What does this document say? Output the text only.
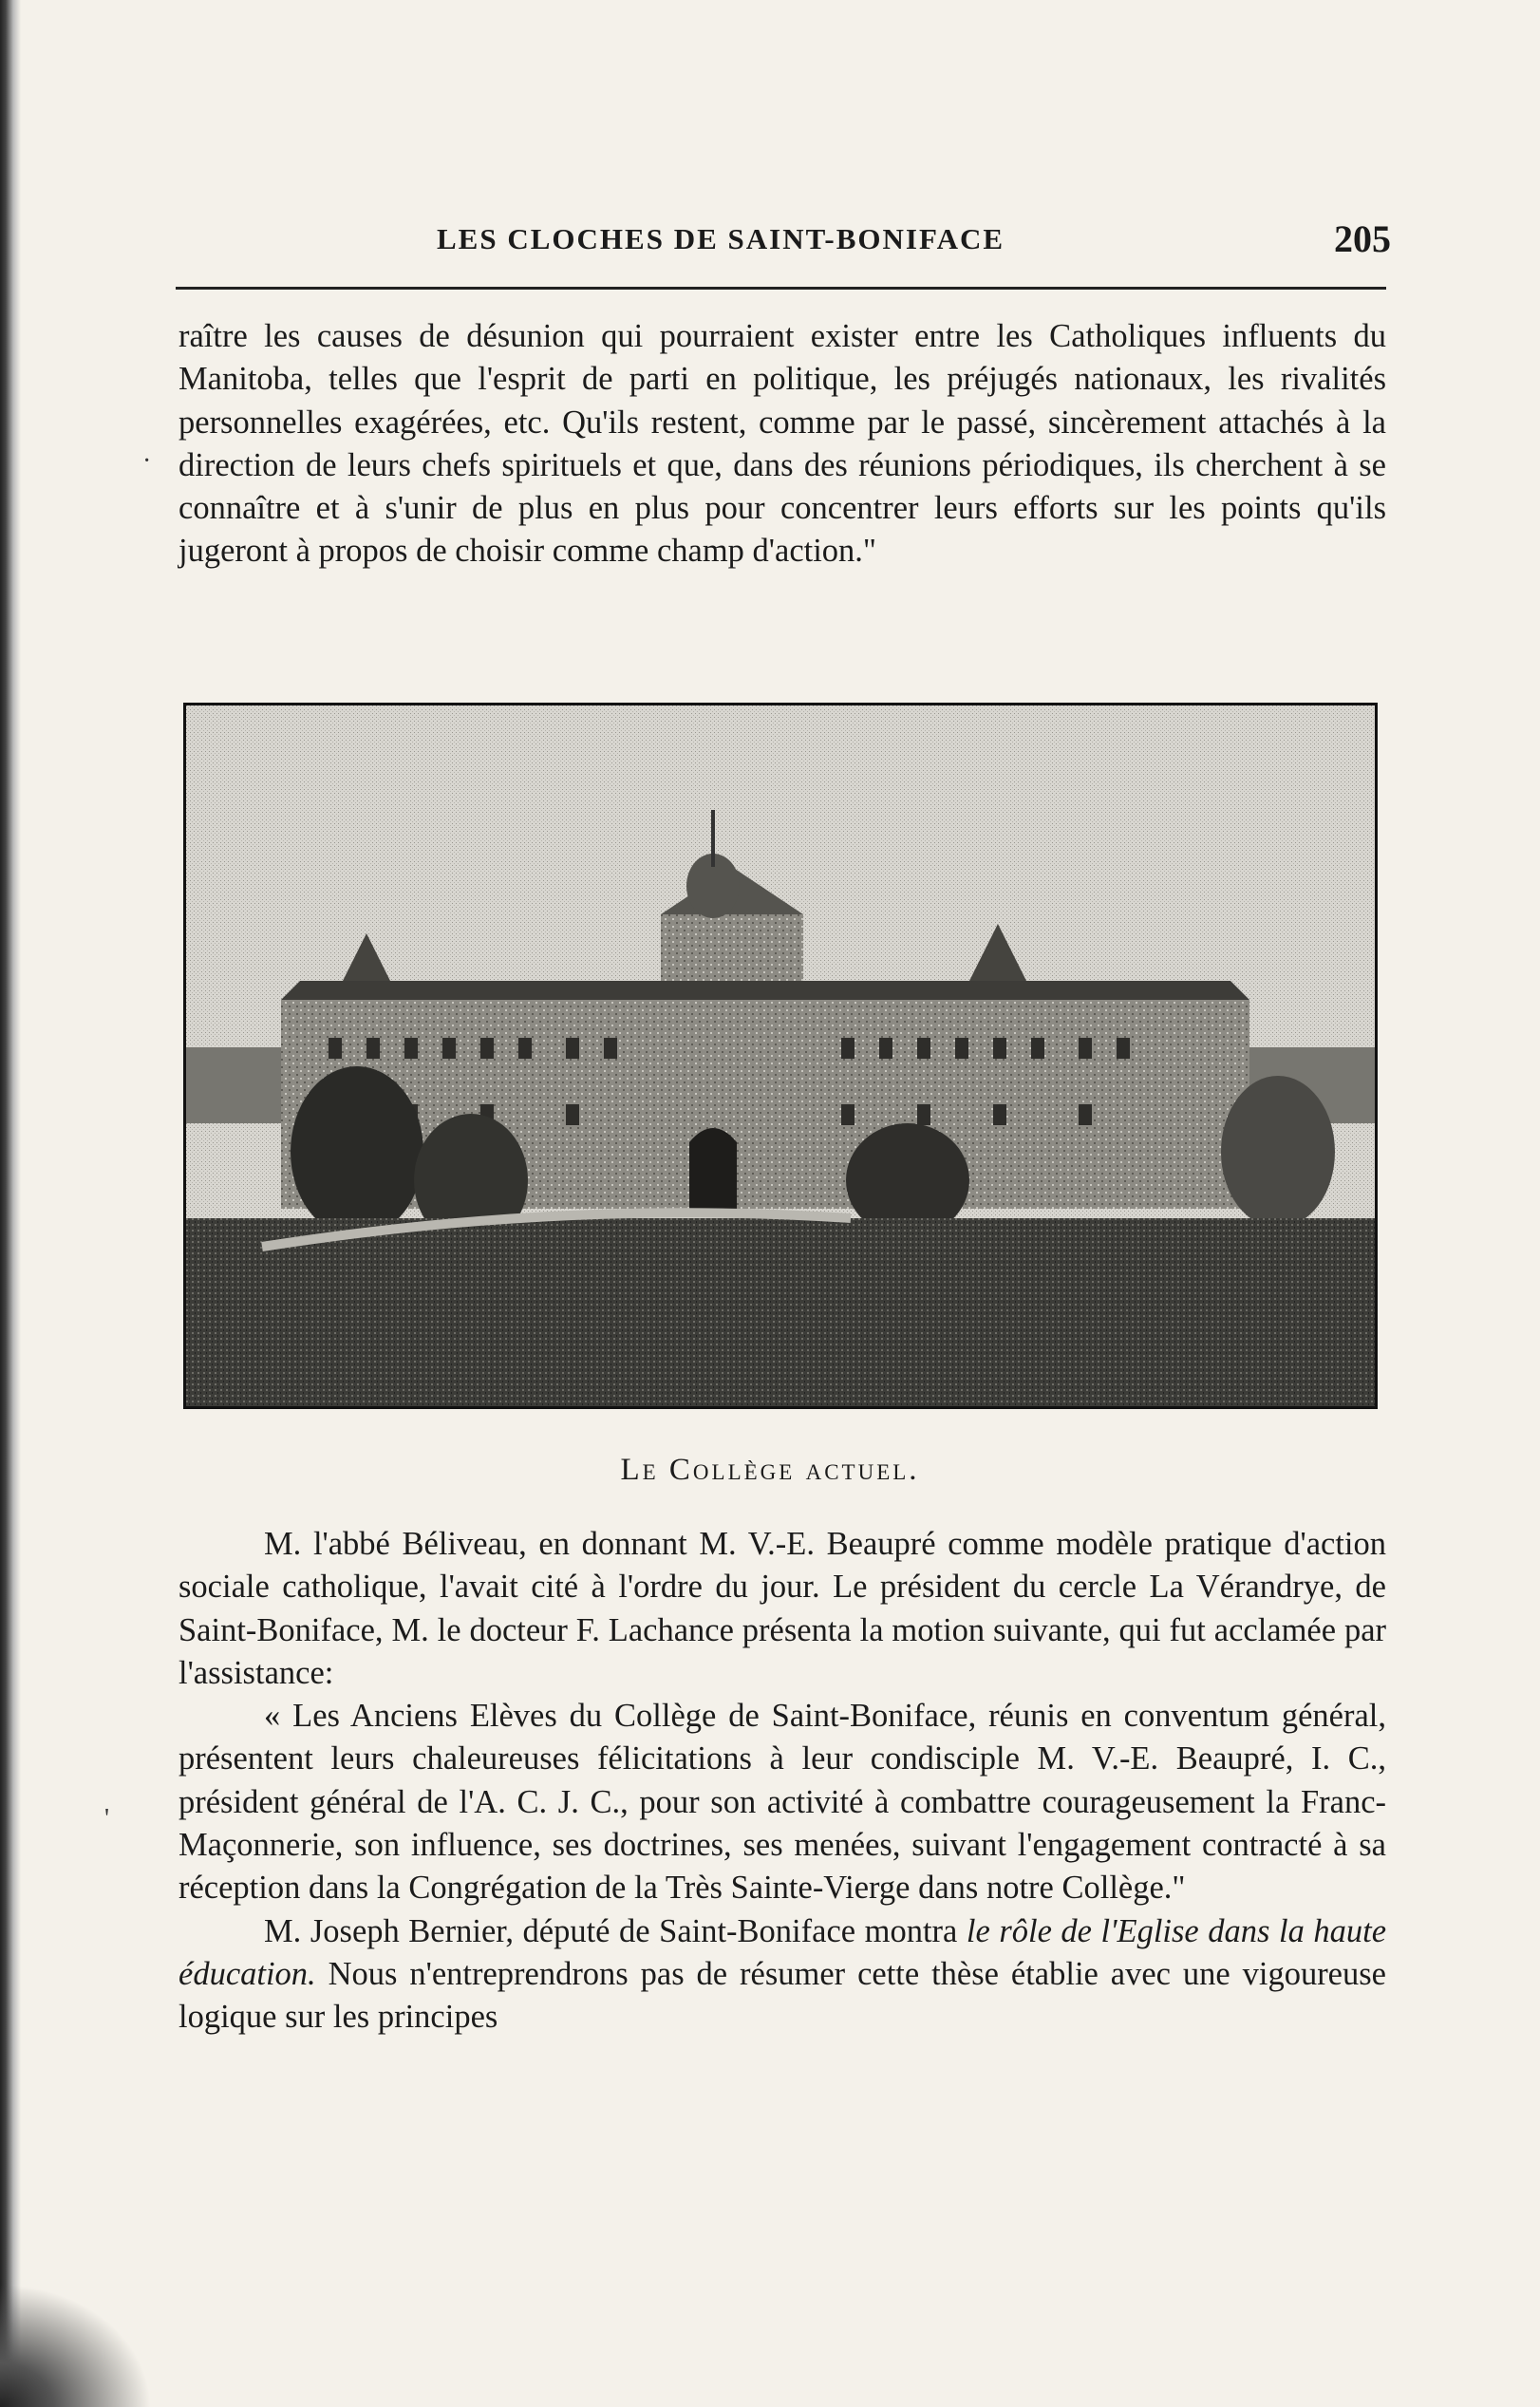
LES CLOCHES DE SAINT-BONIFACE	205
·
'

raître les causes de désunion qui pourraient exister entre les Catholiques influents du Manitoba, telles que l'esprit de parti en politique, les préjugés nationaux, les rivalités personnelles exagérées, etc. Qu'ils restent, comme par le passé, sincèrement attachés à la direction de leurs chefs spirituels et que, dans des réunions périodiques, ils cherchent à se connaître et à s'unir de plus en plus pour concentrer leurs efforts sur les points qu'ils jugeront à propos de choisir comme champ d'action."

Le Collège actuel.

M. l'abbé Béliveau, en donnant M. V.-E. Beaupré comme modèle pratique d'action sociale catholique, l'avait cité à l'ordre du jour. Le président du cercle La Vérandrye, de Saint-Boniface, M. le docteur F. Lachance présenta la motion suivante, qui fut acclamée par l'assistance:

« Les Anciens Elèves du Collège de Saint-Boniface, réunis en conventum général, présentent leurs chaleureuses félicitations à leur condisciple M. V.-E. Beaupré, I. C., président général de l'A. C. J. C., pour son activité à combattre courageusement la Franc-Maçonnerie, son influence, ses doctrines, ses menées, suivant l'engagement contracté à sa réception dans la Congrégation de la Très Sainte-Vierge dans notre Collège."

M. Joseph Bernier, député de Saint-Boniface montra le rôle de l'Eglise dans la haute éducation. Nous n'entreprendrons pas de résumer cette thèse établie avec une vigoureuse logique sur les principes
